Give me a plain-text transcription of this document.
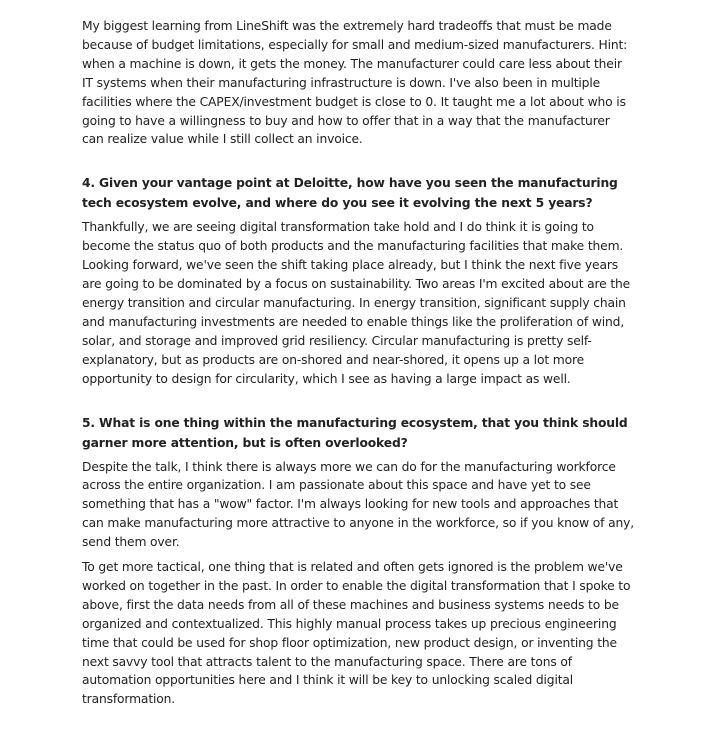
My biggest learning from LineShift was the extremely hard tradeoffs that must be made because of budget limitations, especially for small and medium-sized manufacturers. Hint: when a machine is down, it gets the money. The manufacturer could care less about their IT systems when their manufacturing infrastructure is down. I've also been in multiple facilities where the CAPEX/investment budget is close to 0. It taught me a lot about who is going to have a willingness to buy and how to offer that in a way that the manufacturer can realize value while I still collect an invoice.

4. Given your vantage point at Deloitte, how have you seen the manufacturing tech ecosystem evolve, and where do you see it evolving the next 5 years?

Thankfully, we are seeing digital transformation take hold and I do think it is going to become the status quo of both products and the manufacturing facilities that make them. Looking forward, we've seen the shift taking place already, but I think the next five years are going to be dominated by a focus on sustainability. Two areas I'm excited about are the energy transition and circular manufacturing. In energy transition, significant supply chain and manufacturing investments are needed to enable things like the proliferation of wind, solar, and storage and improved grid resiliency. Circular manufacturing is pretty self-explanatory, but as products are on-shored and near-shored, it opens up a lot more opportunity to design for circularity, which I see as having a large impact as well.

5. What is one thing within the manufacturing ecosystem, that you think should garner more attention, but is often overlooked?

Despite the talk, I think there is always more we can do for the manufacturing workforce across the entire organization. I am passionate about this space and have yet to see something that has a "wow" factor. I'm always looking for new tools and approaches that can make manufacturing more attractive to anyone in the workforce, so if you know of any, send them over.

To get more tactical, one thing that is related and often gets ignored is the problem we've worked on together in the past. In order to enable the digital transformation that I spoke to above, first the data needs from all of these machines and business systems needs to be organized and contextualized. This highly manual process takes up precious engineering time that could be used for shop floor optimization, new product design, or inventing the next savvy tool that attracts talent to the manufacturing space. There are tons of automation opportunities here and I think it will be key to unlocking scaled digital transformation.
